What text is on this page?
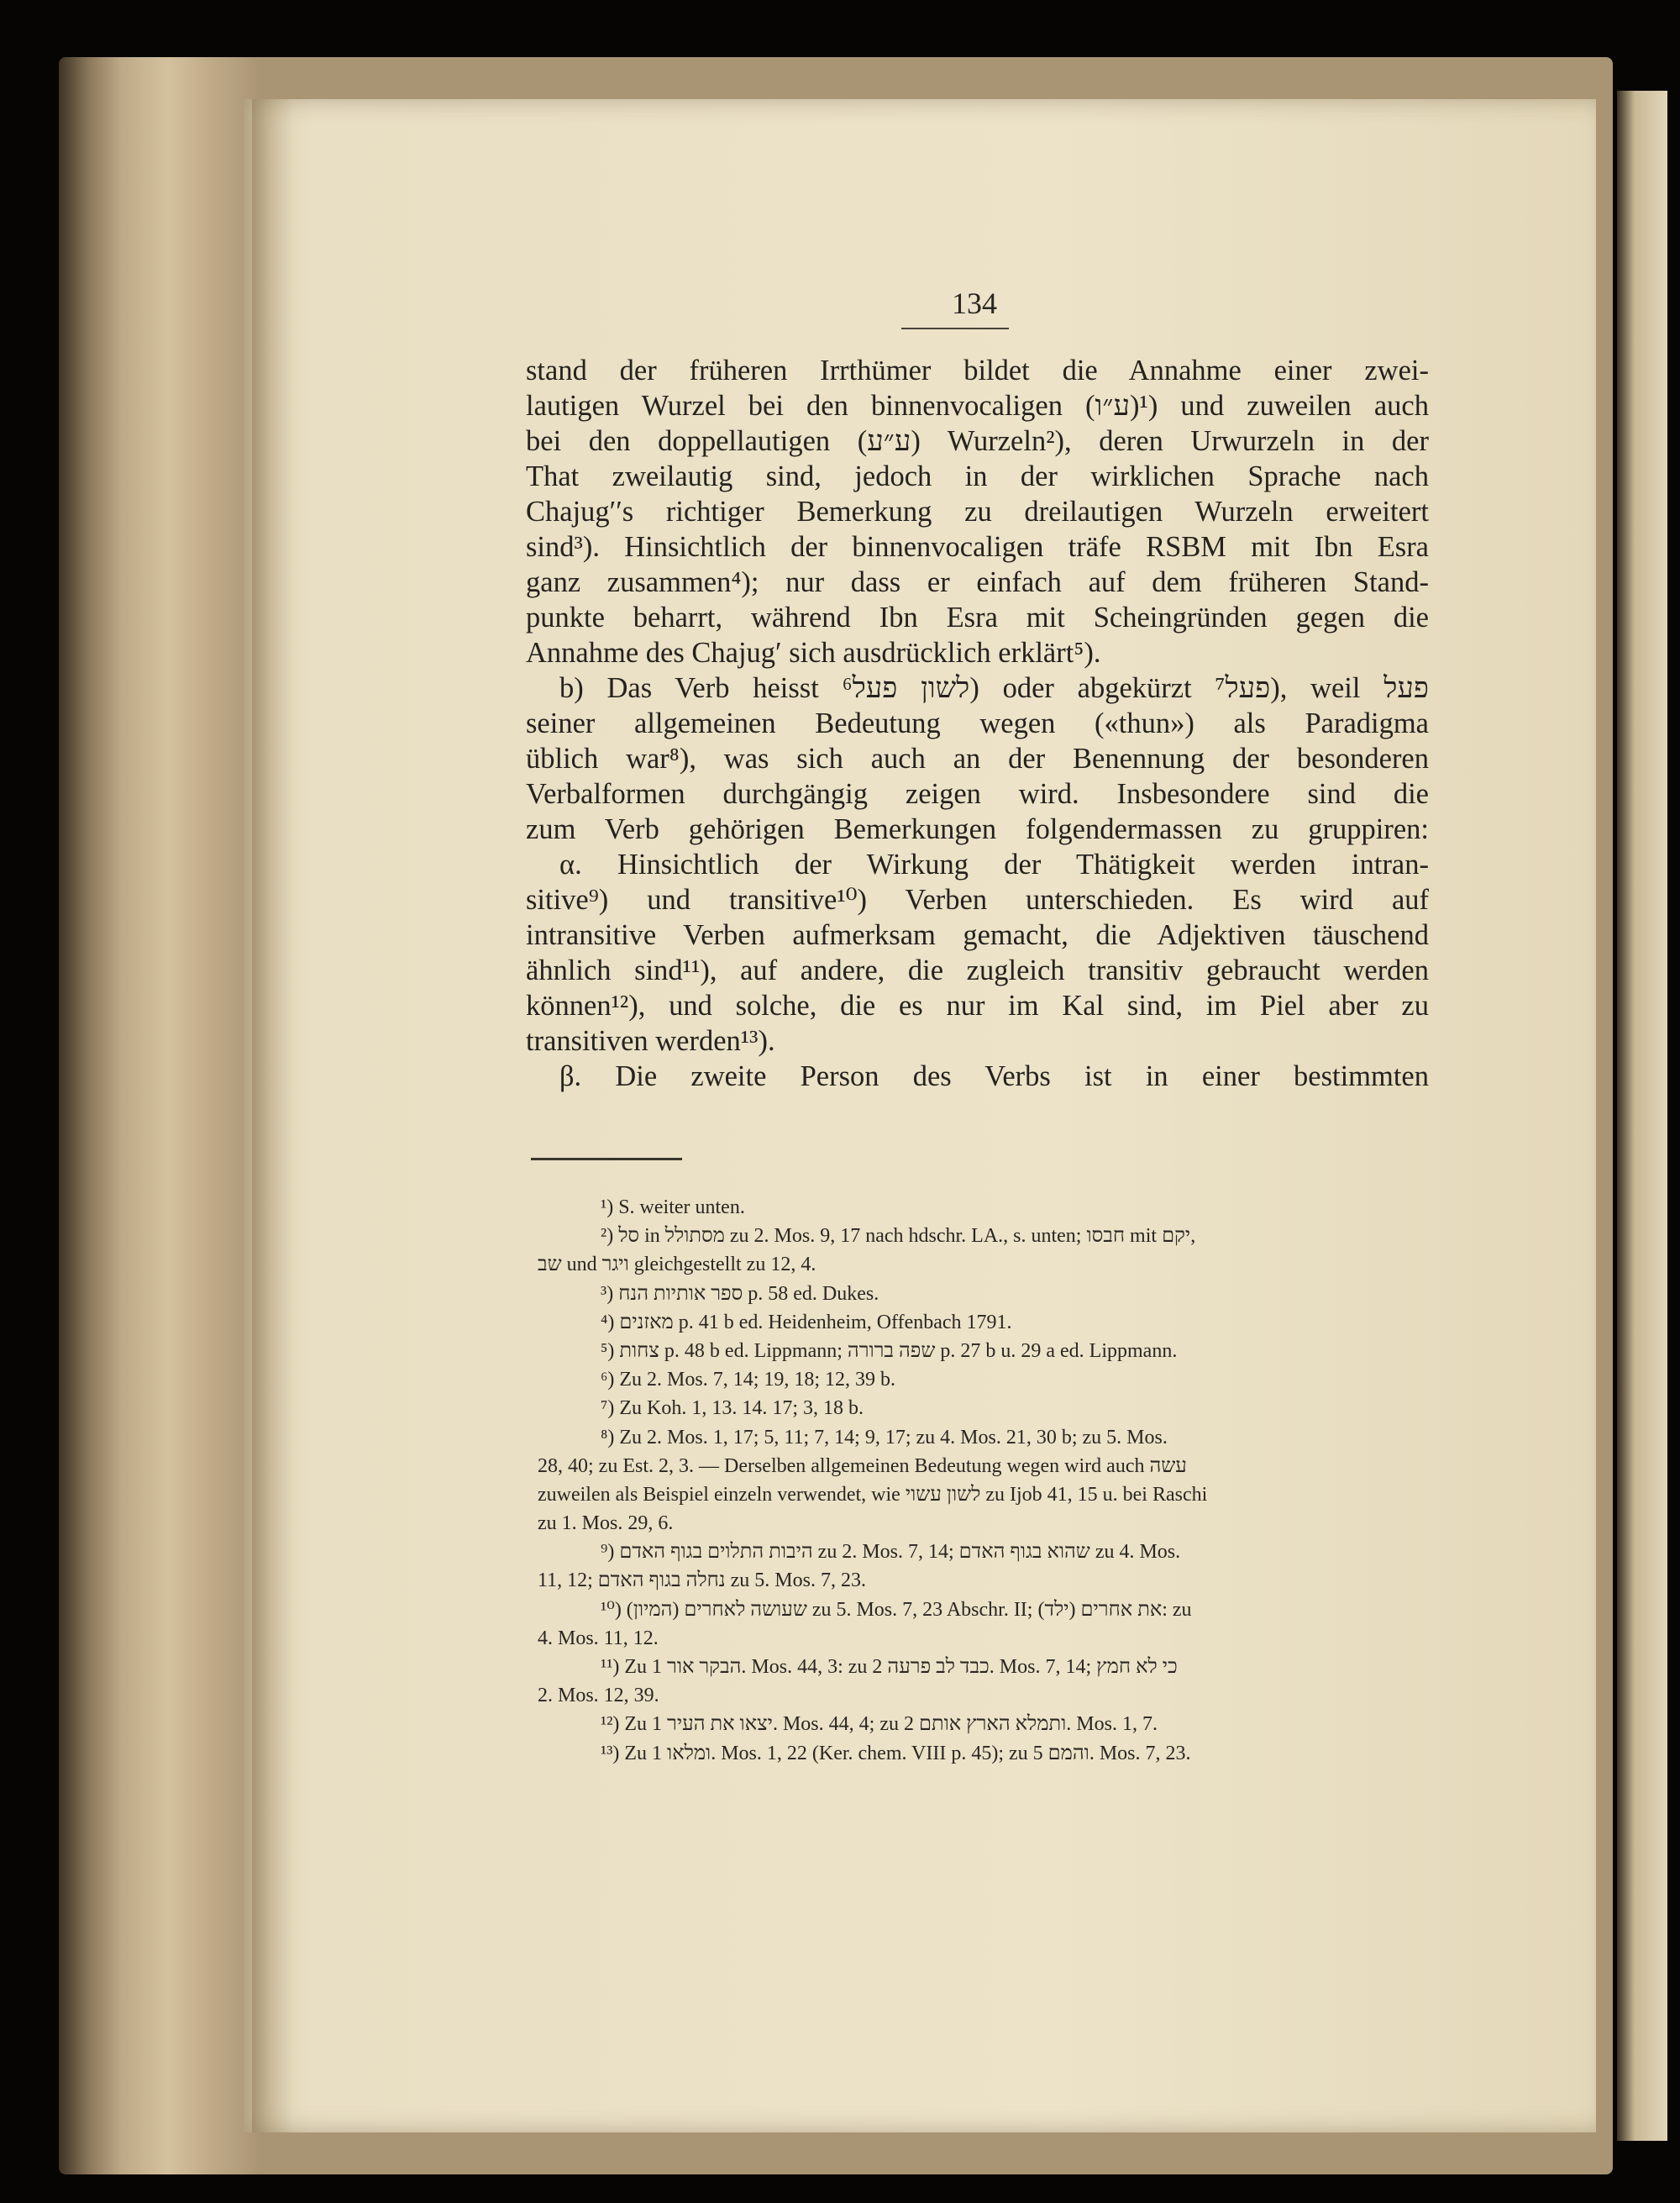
134
stand der früheren Irrthümer bildet die Annahme einer zwei-
lautigen Wurzel bei den binnenvocaligen (ע״ו)¹) und zuweilen auch
bei den doppellautigen (ע״ע) Wurzeln²), deren Urwurzeln in der
That zweilautig sind, jedoch in der wirklichen Sprache nach
Chajug′′s richtiger Bemerkung zu dreilautigen Wurzeln erweitert
sind³). Hinsichtlich der binnenvocaligen träfe RSBM mit Ibn Esra
ganz zusammen⁴); nur dass er einfach auf dem früheren Stand-
punkte beharrt, während Ibn Esra mit Scheingründen gegen die
Annahme des Chajug′ sich ausdrücklich erklärt⁵).
b) Das Verb heisst לשון פעל⁶) oder abgekürzt פעל⁷), weil פעל
seiner allgemeinen Bedeutung wegen («thun») als Paradigma
üblich war⁸), was sich auch an der Benennung der besonderen
Verbalformen durchgängig zeigen wird. Insbesondere sind die
zum Verb gehörigen Bemerkungen folgendermassen zu gruppiren:
α. Hinsichtlich der Wirkung der Thätigkeit werden intran-
sitive⁹) und transitive¹⁰) Verben unterschieden. Es wird auf
intransitive Verben aufmerksam gemacht, die Adjektiven täuschend
ähnlich sind¹¹), auf andere, die zugleich transitiv gebraucht werden
können¹²), und solche, die es nur im Kal sind, im Piel aber zu
transitiven werden¹³).
β. Die zweite Person des Verbs ist in einer bestimmten
¹) S. weiter unten.
²) סל in מסתולל zu 2. Mos. 9, 17 nach hdschr. LA., s. unten; חבסו mit יקם,
שב und ויגר gleichgestellt zu 12, 4.
³) ספר אותיות הנח p. 58 ed. Dukes.
⁴) מאזנים p. 41 b ed. Heidenheim, Offenbach 1791.
⁵) צחות p. 48 b ed. Lippmann; שפה ברורה p. 27 b u. 29 a ed. Lippmann.
⁶) Zu 2. Mos. 7, 14; 19, 18; 12, 39 b.
⁷) Zu Koh. 1, 13. 14. 17; 3, 18 b.
⁸) Zu 2. Mos. 1, 17; 5, 11; 7, 14; 9, 17; zu 4. Mos. 21, 30 b; zu 5. Mos.
28, 40; zu Est. 2, 3. — Derselben allgemeinen Bedeutung wegen wird auch עשה
zuweilen als Beispiel einzeln verwendet, wie לשון עשוי zu Ijob 41, 15 u. bei Raschi
zu 1. Mos. 29, 6.
⁹) היבות התלוים בגוף האדם zu 2. Mos. 7, 14; שהוא בגוף האדם zu 4. Mos.
11, 12; נחלה בגוף האדם zu 5. Mos. 7, 23.
¹⁰) (המיון) שעושה לאחרים zu 5. Mos. 7, 23 Abschr. II; (ילד) את אחרים: zu
4. Mos. 11, 12.
¹¹) Zu הבקר אור 1. Mos. 44, 3: zu כבד לב פרעה 2. Mos. 7, 14; כי לא חמץ
2. Mos. 12, 39.
¹²) Zu יצאו את העיר 1. Mos. 44, 4; zu ותמלא הארץ אותם 2. Mos. 1, 7.
¹³) Zu ומלאו 1. Mos. 1, 22 (Ker. chem. VIII p. 45); zu והמם 5. Mos. 7, 23.
